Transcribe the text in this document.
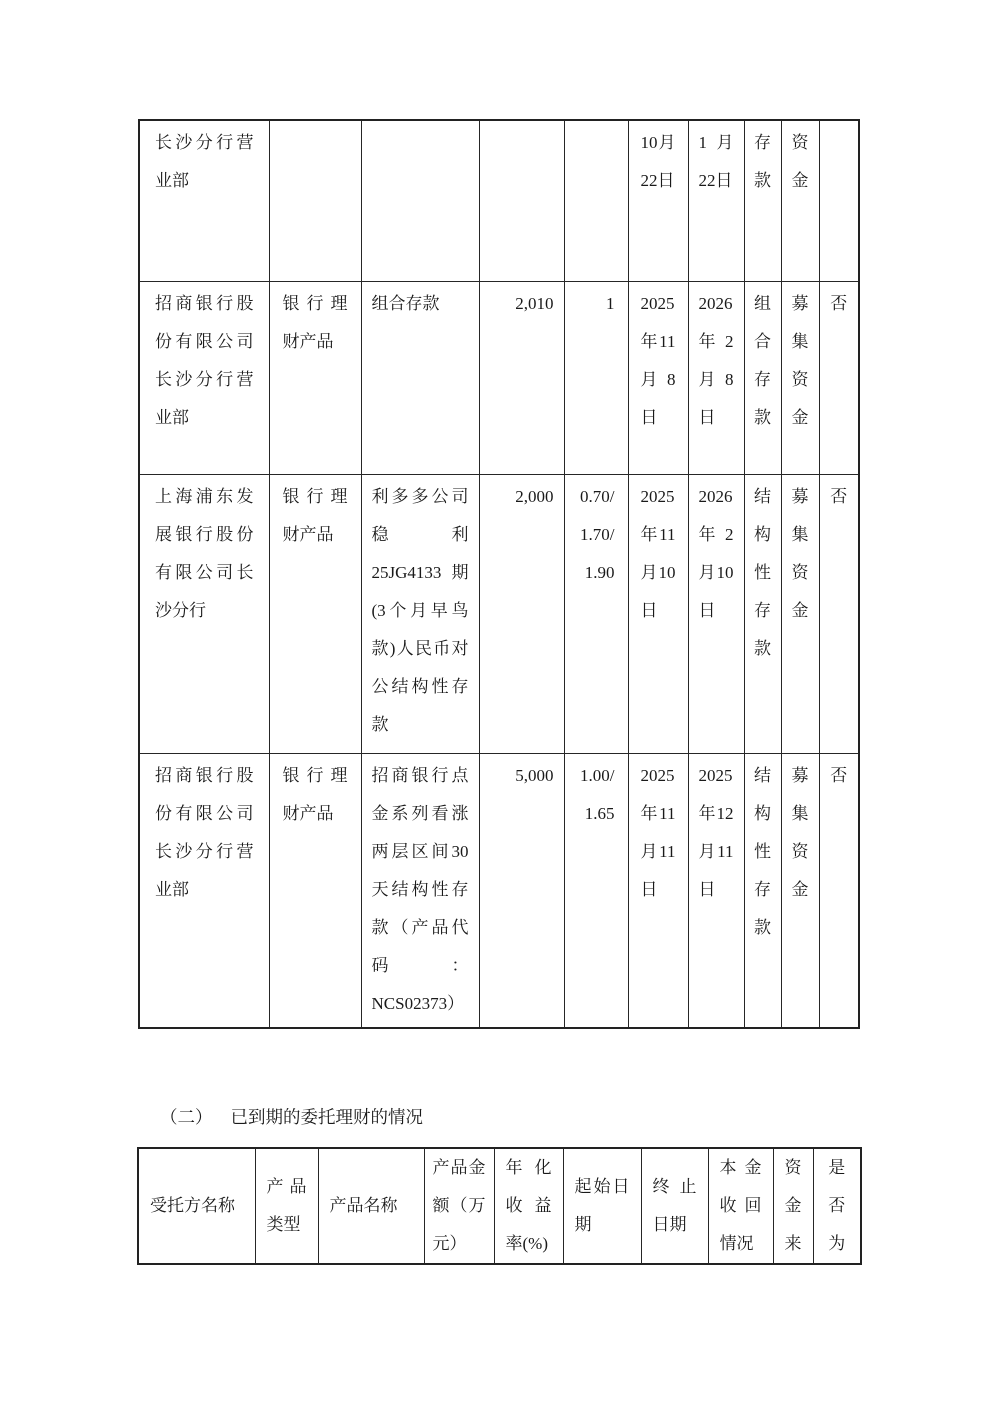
长沙分行营业部					10月22日	1月22日	存款	资金	
招商银行股份有限公司长沙分行营业部	银行理财产品	组合存款	2,010	1	2025年11月8日	2026年2月8日	组合存款	募集资金	否
上海浦东发展银行股份有限公司长沙分行	银行理财产品	利多多公司稳利25JG4133期(3个月早鸟款)人民币对公结构性存款	2,000	0.70/1.70/1.90	2025年11月10日	2026年2月10日	结构性存款	募集资金	否
招商银行股份有限公司长沙分行营业部	银行理财产品	招商银行点金系列看涨两层区间30天结构性存款（产品代码：NCS02373）	5,000	1.00/1.65	2025年11月11日	2025年12月11日	结构性存款	募集资金	否
（二） 已到期的委托理财的情况
受托方名称	产品类型	产品名称	产品金额（万元）	年化收益率(%)	起始日期	终止日期	本金收回情况	资金来	是否为
